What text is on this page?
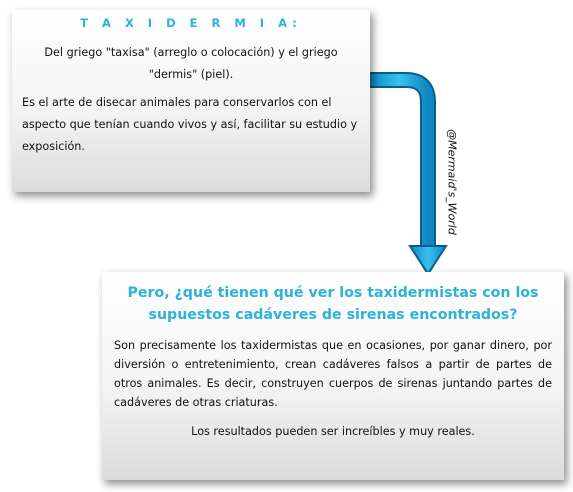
@Mermaid's_World
T A X I D E R M I A:

Del griego "taxisa" (arreglo o colocación) y el griego "dermis" (piel).

Es el arte de disecar animales para conservarlos con el aspecto que tenían cuando vivos y así, facilitar su estudio y exposición.

Pero, ¿qué tienen qué ver los taxidermistas con los supuestos cadáveres de sirenas encontrados?

Son precisamente los taxidermistas que en ocasiones, por ganar dinero, por diversión o entretenimiento, crean cadáveres falsos a partir de partes de otros animales. Es decir, construyen cuerpos de sirenas juntando partes de cadáveres de otras criaturas.

Los resultados pueden ser increíbles y muy reales.
